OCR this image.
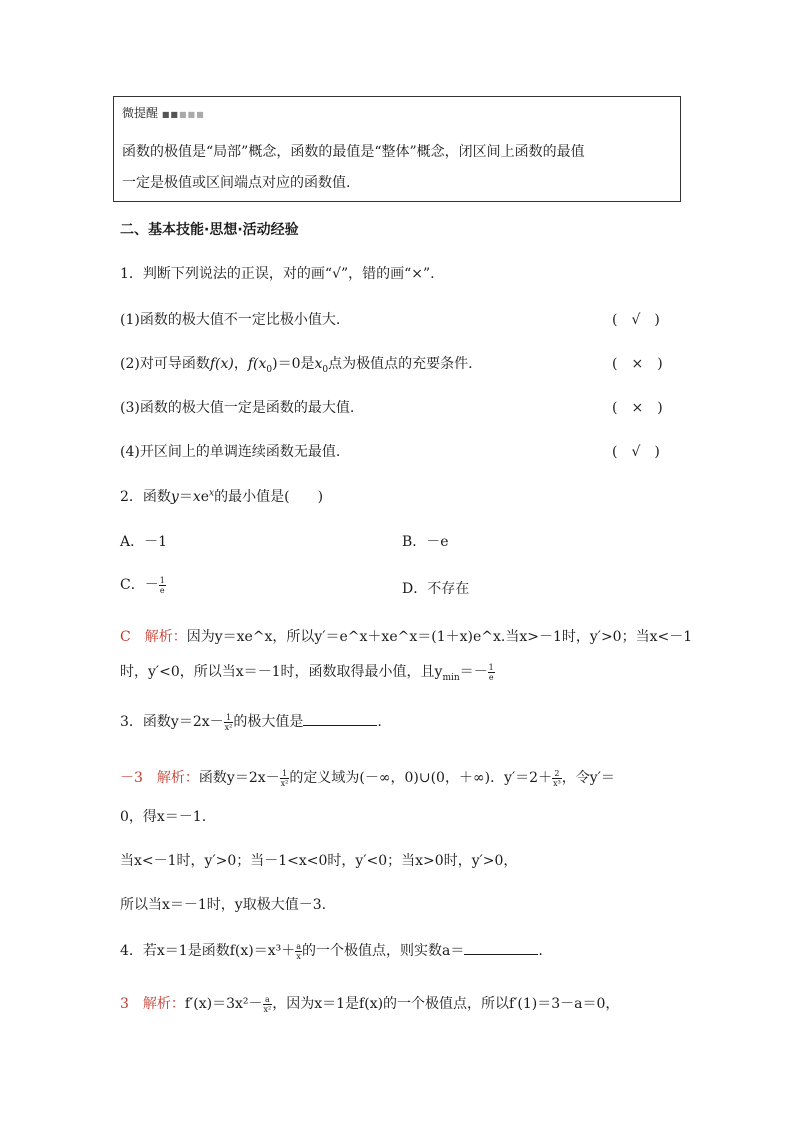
微提醒 ■■■■■
函数的极值是“局部”概念，函数的最值是“整体”概念，闭区间上函数的最值
一定是极值或区间端点对应的函数值.
二、基本技能·思想·活动经验
1．判断下列说法的正误，对的画“√”，错的画“×”.
(1)函数的极大值不一定比极小值大.	(　√　)
(2)对可导函数f(x)，$f(x_0)=0$是$x_0$点为极值点的充要条件.	(　×　)
(3)函数的极大值一定是函数的最大值.	(　×　)
(4)开区间上的单调连续函数无最值.	(　√　)
2．函数$y=xe^x$的最小值是(　　)
A．－1	B．－e
C．－ $\frac{1}{e}$	D．不存在
C　 解析：因为y＝xe^x，所以y′＝e^x＋xe^x＝(1＋x)e^x.当x>－1时，y′>0；当x<－1
时，y′<0，所以当x＝－1时，函数取得最小值，且$y_{min}=- \frac{1}{e}$
3．函数$y=2x- \frac{1}{\text{x²}}$ 的极大值是	.
－3　 解析：函数$y=2x- \frac{1}{\text{x²}}$ 的定义域为(－∞，0)∪(0，＋∞)．$y'=2+ \frac{2}{\text{x³}}$ ，令y′＝
0，得x＝－1.
当x<－1时，y′>0；当－1<x<0时，y′<0；当x>0时，y′>0，
所以当x＝－1时，y取极大值－3.
4．若x＝1是函数$f(x)=x^3+ \frac{a}{x}$ 的一个极值点，则实数a＝	.
3　 解析：$f'(x)=3x^2- \frac{a}{\text{x²}}$ ，因为x＝1是f(x)的一个极值点，所以f′(1)＝3－a＝0，
